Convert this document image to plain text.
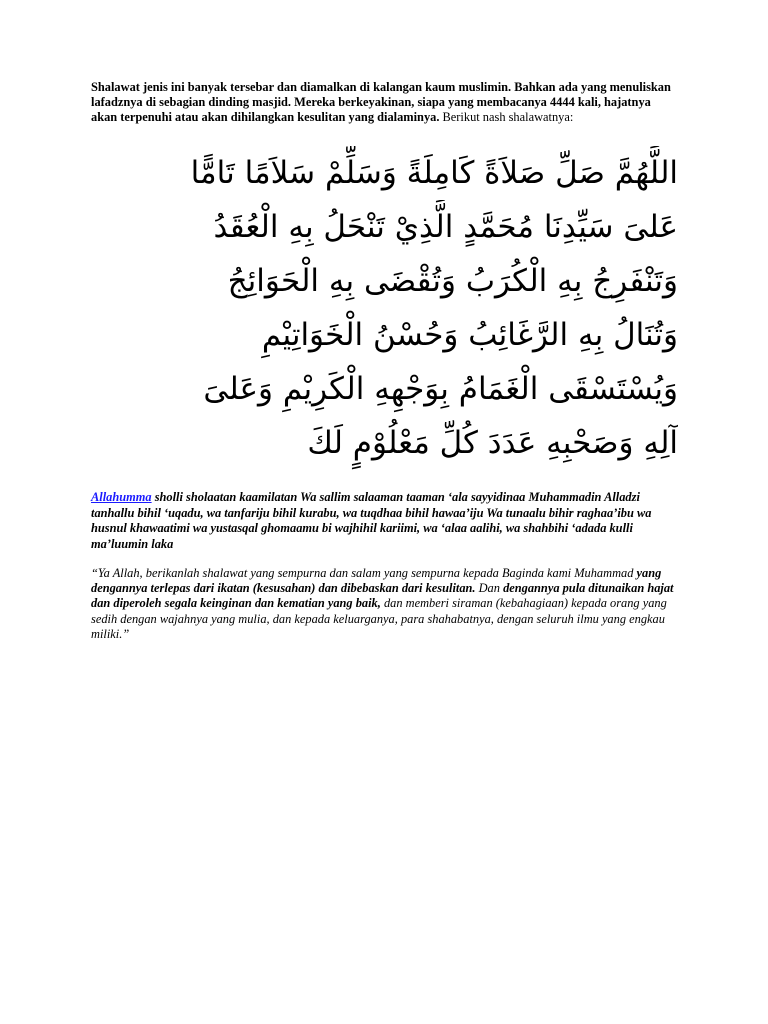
Shalawat jenis ini banyak tersebar dan diamalkan di kalangan kaum muslimin. Bahkan ada yang menuliskan lafadznya di sebagian dinding masjid. Mereka berkeyakinan, siapa yang membacanya 4444 kali, hajatnya akan terpenuhi atau akan dihilangkan kesulitan yang dialaminya. Berikut nash shalawatnya:

اللَّهُمَّ صَلِّ صَلاَةً كَامِلَةً وَسَلِّمْ سَلاَمًا تَامًّا
عَلىَ سَيِّدِنَا مُحَمَّدٍ الَّذِيْ تَنْحَلُ بِهِ الْعُقَدُ
وَتَنْفَرِجُ بِهِ الْكُرَبُ وَتُقْضَى بِهِ الْحَوَائِجُ
وَتُنَالُ بِهِ الرَّغَائِبُ وَحُسْنُ الْخَوَاتِيْمِ
وَيُسْتَسْقَى الْغَمَامُ بِوَجْهِهِ الْكَرِيْمِ وَعَلىَ
آلِهِ وَصَحْبِهِ عَدَدَ كُلِّ مَعْلُوْمٍ لَكَ

Allahumma sholli sholaatan kaamilatan Wa sallim salaaman taaman ‘ala sayyidinaa Muhammadin Alladzi tanhallu bihil ‘uqadu, wa tanfariju bihil kurabu, wa tuqdhaa bihil hawaa’iju Wa tunaalu bihir raghaa’ibu wa husnul khawaatimi wa yustasqal ghomaamu bi wajhihil kariimi, wa ‘alaa aalihi, wa shahbihi ‘adada kulli ma’luumin laka

“Ya Allah, berikanlah shalawat yang sempurna dan salam yang sempurna kepada Baginda kami Muhammad yang dengannya terlepas dari ikatan (kesusahan) dan dibebaskan dari kesulitan. Dan dengannya pula ditunaikan hajat dan diperoleh segala keinginan dan kematian yang baik, dan memberi siraman (kebahagiaan) kepada orang yang sedih dengan wajahnya yang mulia, dan kepada keluarganya, para shahabatnya, dengan seluruh ilmu yang engkau miliki.”
